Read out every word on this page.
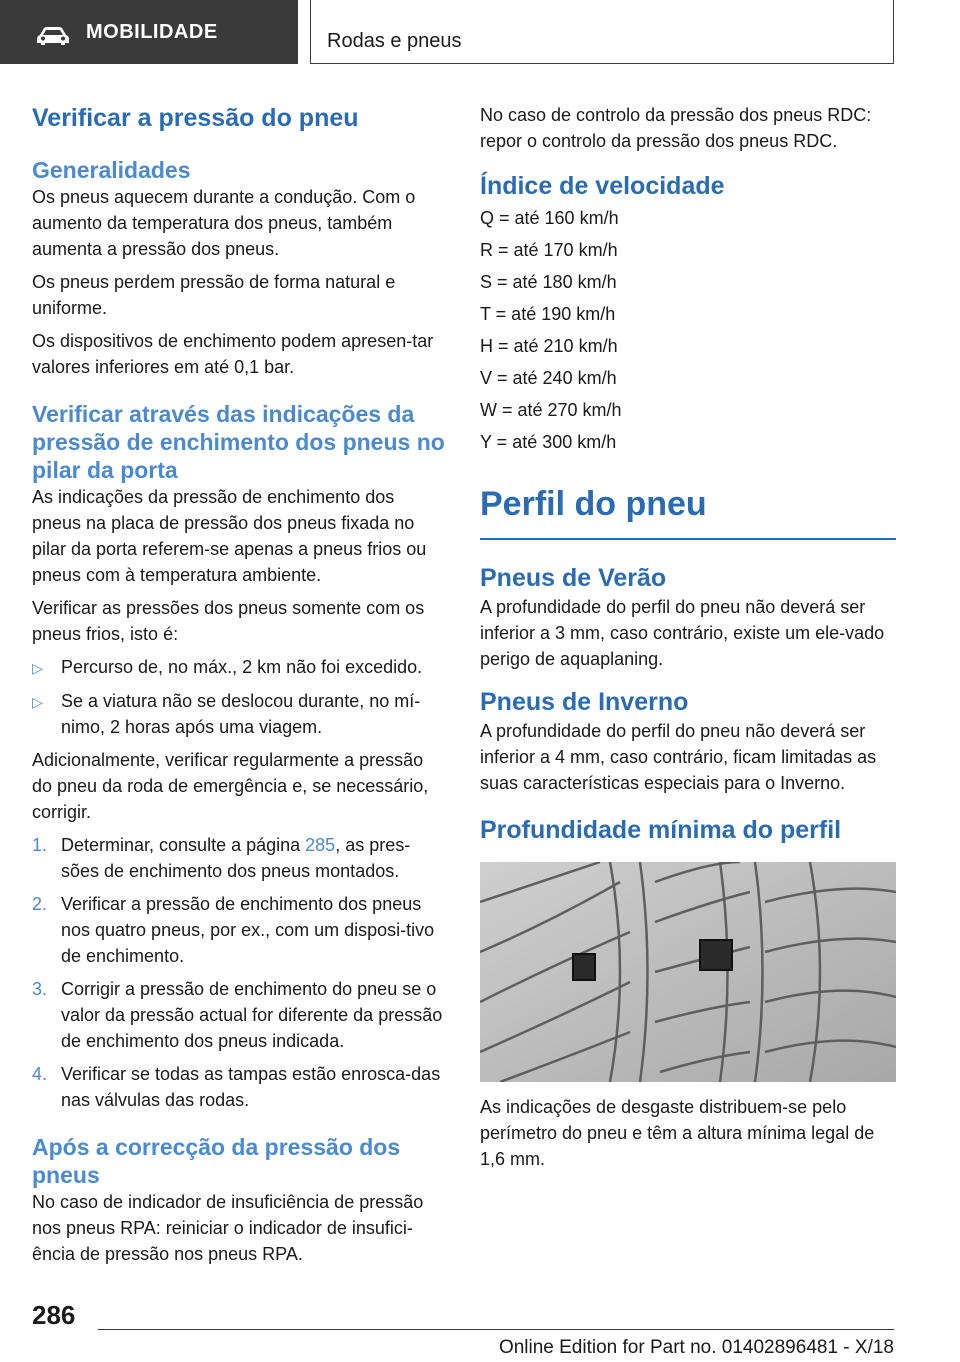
MOBILIDADE	Rodas e pneus
Verificar a pressão do pneu
Generalidades

Os pneus aquecem durante a condução. Com o aumento da temperatura dos pneus, também aumenta a pressão dos pneus.

Os pneus perdem pressão de forma natural e uniforme.

Os dispositivos de enchimento podem apresen-tar valores inferiores em até 0,1 bar.

Verificar através das indicações da pressão de enchimento dos pneus no pilar da porta

As indicações da pressão de enchimento dos pneus na placa de pressão dos pneus fixada no pilar da porta referem-se apenas a pneus frios ou pneus com à temperatura ambiente.

Verificar as pressões dos pneus somente com os pneus frios, isto é:

▷	Percurso de, no máx., 2 km não foi excedido.
▷	Se a viatura não se deslocou durante, no mí-nimo, 2 horas após uma viagem.

Adicionalmente, verificar regularmente a pressão do pneu da roda de emergência e, se necessário, corrigir.

1. Determinar, consulte a página 285, as pres-sões de enchimento dos pneus montados.
2. Verificar a pressão de enchimento dos pneus nos quatro pneus, por ex., com um disposi-tivo de enchimento.
3. Corrigir a pressão de enchimento do pneu se o valor da pressão actual for diferente da pressão de enchimento dos pneus indicada.
4. Verificar se todas as tampas estão enrosca-das nas válvulas das rodas.
Após a correcção da pressão dos pneus

No caso de indicador de insuficiência de pressão nos pneus RPA: reiniciar o indicador de insufici-ência de pressão nos pneus RPA.

No caso de controlo da pressão dos pneus RDC: repor o controlo da pressão dos pneus RDC.

Índice de velocidade

Q = até 160 km/h

R = até 170 km/h

S = até 180 km/h

T = até 190 km/h

H = até 210 km/h

V = até 240 km/h

W = até 270 km/h

Y = até 300 km/h

Perfil do pneu
Pneus de Verão

A profundidade do perfil do pneu não deverá ser inferior a 3 mm, caso contrário, existe um ele-vado perigo de aquaplaning.

Pneus de Inverno

A profundidade do perfil do pneu não deverá ser inferior a 4 mm, caso contrário, ficam limitadas as suas características especiais para o Inverno.

Profundidade mínima do perfil

As indicações de desgaste distribuem-se pelo perímetro do pneu e têm a altura mínima legal de 1,6 mm.

286
Online Edition for Part no. 01402896481 - X/18
